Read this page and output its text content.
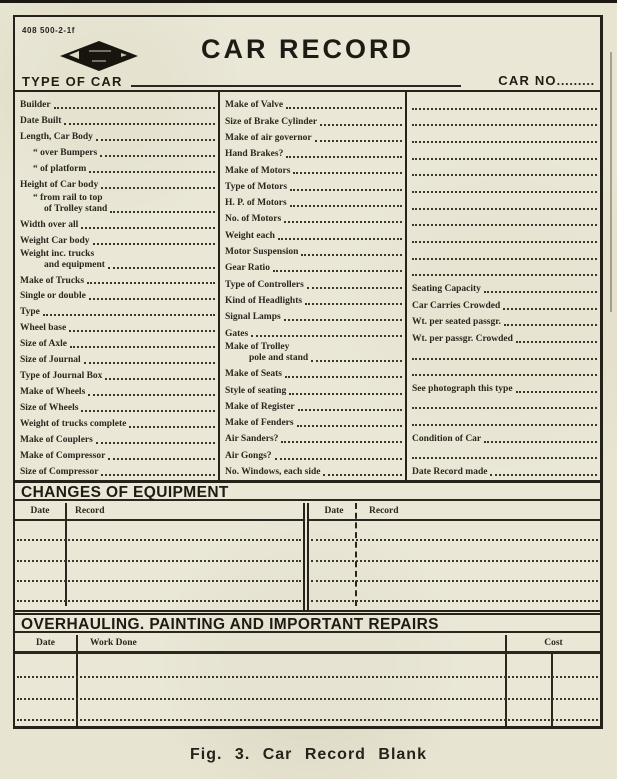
408 500-2-1f
CAR RECORD
TYPE OF CAR	CAR NO.........
Builder
Date Built
Length, Car Body
“ over Bumpers
“ of platform
Height of Car body
“ from rail to top
of Trolley stand
Width over all
Weight Car body
Weight inc. trucks
and equipment
Make of Trucks
Single or double
Type
Wheel base
Size of Axle
Size of Journal
Type of Journal Box
Make of Wheels
Size of Wheels
Weight of trucks complete
Make of Couplers
Make of Compressor
Size of Compressor
Make of Valve
Size of Brake Cylinder
Make of air governor
Hand Brakes?
Make of Motors
Type of Motors
H. P. of Motors
No. of Motors
Weight each
Motor Suspension
Gear Ratio
Type of Controllers
Kind of Headlights
Signal Lamps
Gates
Make of Trolley
pole and stand
Make of Seats
Style of seating
Make of Register
Make of Fenders
Air Sanders?
Air Gongs?
No. Windows, each side
Seating Capacity
Car Carries Crowded
Wt. per seated passgr.
Wt. per passgr. Crowded
See photograph this type
Condition of Car
Date Record made
CHANGES OF EQUIPMENT
Date	Record	Date	Record
OVERHAULING. PAINTING AND IMPORTANT REPAIRS
Date	Work Done	Cost
Fig. 3. Car Record Blank
